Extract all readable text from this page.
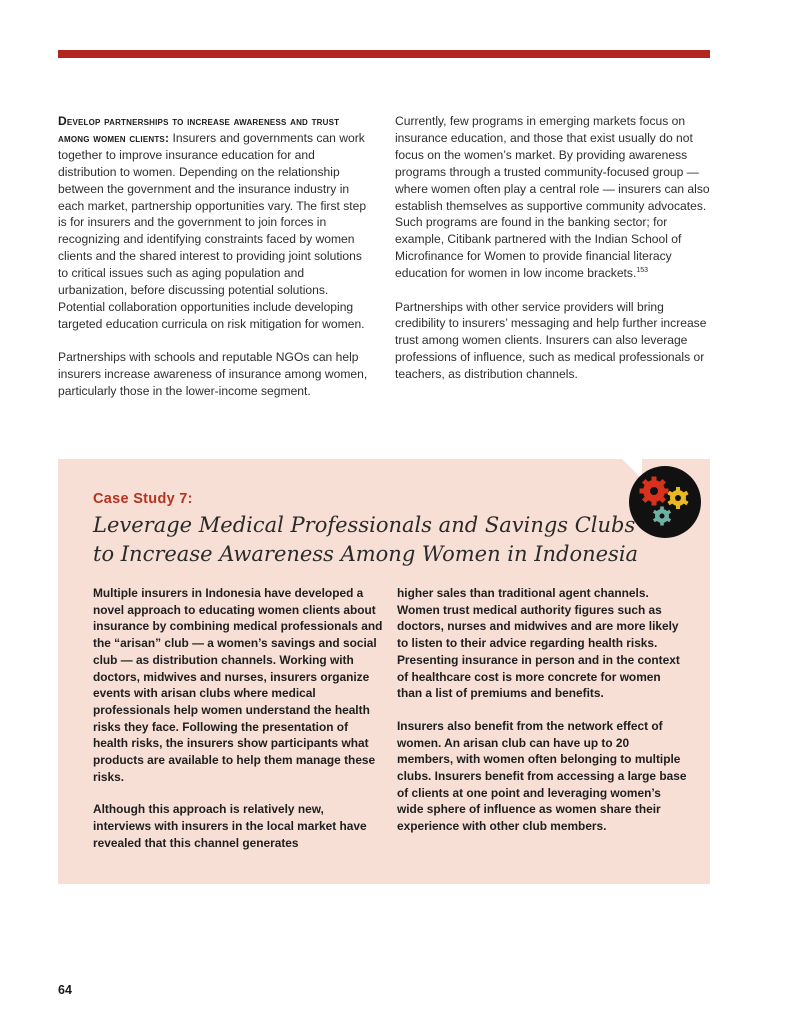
Develop partnerships to increase awareness and trust among women clients: Insurers and governments can work together to improve insurance education for and distribution to women. Depending on the relationship between the government and the insurance industry in each market, partnership opportunities vary. The first step is for insurers and the government to join forces in recognizing and identifying constraints faced by women clients and the shared interest to providing joint solutions to critical issues such as aging population and urbanization, before discussing potential solutions. Potential collaboration opportunities include developing targeted education curricula on risk mitigation for women.

Partnerships with schools and reputable NGOs can help insurers increase awareness of insurance among women, particularly those in the lower-income segment.

Currently, few programs in emerging markets focus on insurance education, and those that exist usually do not focus on the women’s market. By providing awareness programs through a trusted community-focused group — where women often play a central role — insurers can also establish themselves as supportive community advocates. Such programs are found in the banking sector; for example, Citibank partnered with the Indian School of Microfinance for Women to provide financial literacy education for women in low income brackets.$^{153}$

Partnerships with other service providers will bring credibility to insurers’ messaging and help further increase trust among women clients. Insurers can also leverage professions of influence, such as medical professionals or teachers, as distribution channels.

Case Study 7:
Leverage Medical Professionals and Savings Clubs to Increase Awareness Among Women in Indonesia

Multiple insurers in Indonesia have developed a novel approach to educating women clients about insurance by combining medical professionals and the “arisan” club — a women’s savings and social club — as distribution channels. Working with doctors, midwives and nurses, insurers organize events with arisan clubs where medical professionals help women understand the health risks they face. Following the presentation of health risks, the insurers show participants what products are available to help them manage these risks.

Although this approach is relatively new, interviews with insurers in the local market have revealed that this channel generates

higher sales than traditional agent channels. Women trust medical authority figures such as doctors, nurses and midwives and are more likely to listen to their advice regarding health risks. Presenting insurance in person and in the context of healthcare cost is more concrete for women than a list of premiums and benefits.

Insurers also benefit from the network effect of women. An arisan club can have up to 20 members, with women often belonging to multiple clubs. Insurers benefit from accessing a large base of clients at one point and leveraging women’s wide sphere of influence as women share their experience with other club members.

64
